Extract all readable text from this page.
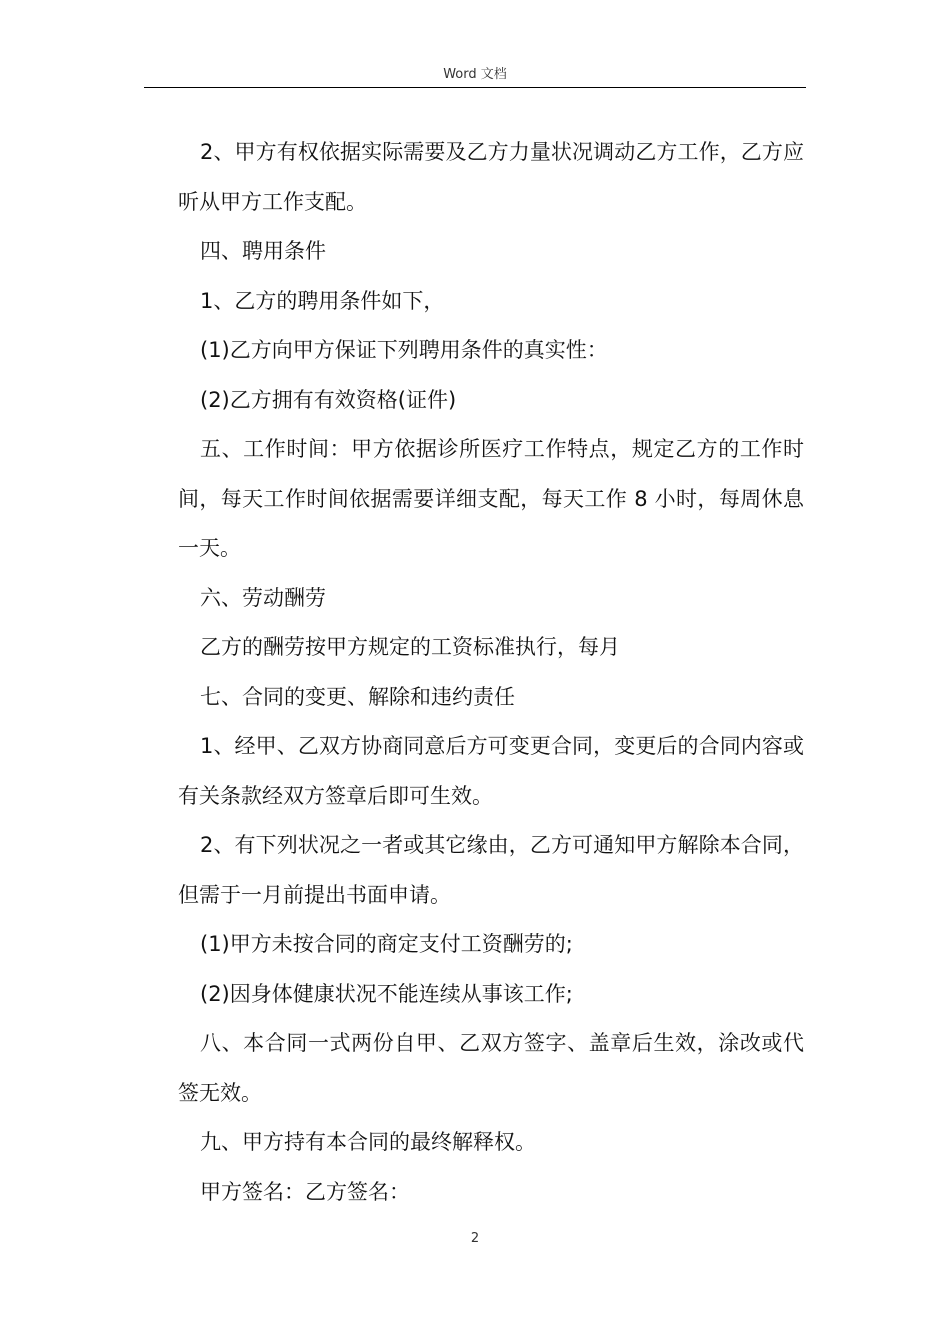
Word 文档

2、甲方有权依据实际需要及乙方力量状况调动乙方工作，乙方应听从甲方工作支配。

四、聘用条件

1、乙方的聘用条件如下，

(1)乙方向甲方保证下列聘用条件的真实性：

(2)乙方拥有有效资格(证件)

五、工作时间：甲方依据诊所医疗工作特点，规定乙方的工作时间，每天工作时间依据需要详细支配，每天工作 8 小时，每周休息一天。

六、劳动酬劳

乙方的酬劳按甲方规定的工资标准执行，每月

七、合同的变更、解除和违约责任

1、经甲、乙双方协商同意后方可变更合同，变更后的合同内容或有关条款经双方签章后即可生效。

2、有下列状况之一者或其它缘由，乙方可通知甲方解除本合同，但需于一月前提出书面申请。

(1)甲方未按合同的商定支付工资酬劳的;

(2)因身体健康状况不能连续从事该工作;

八、本合同一式两份自甲、乙双方签字、盖章后生效，涂改或代签无效。

九、甲方持有本合同的最终解释权。

甲方签名：乙方签名：

2
